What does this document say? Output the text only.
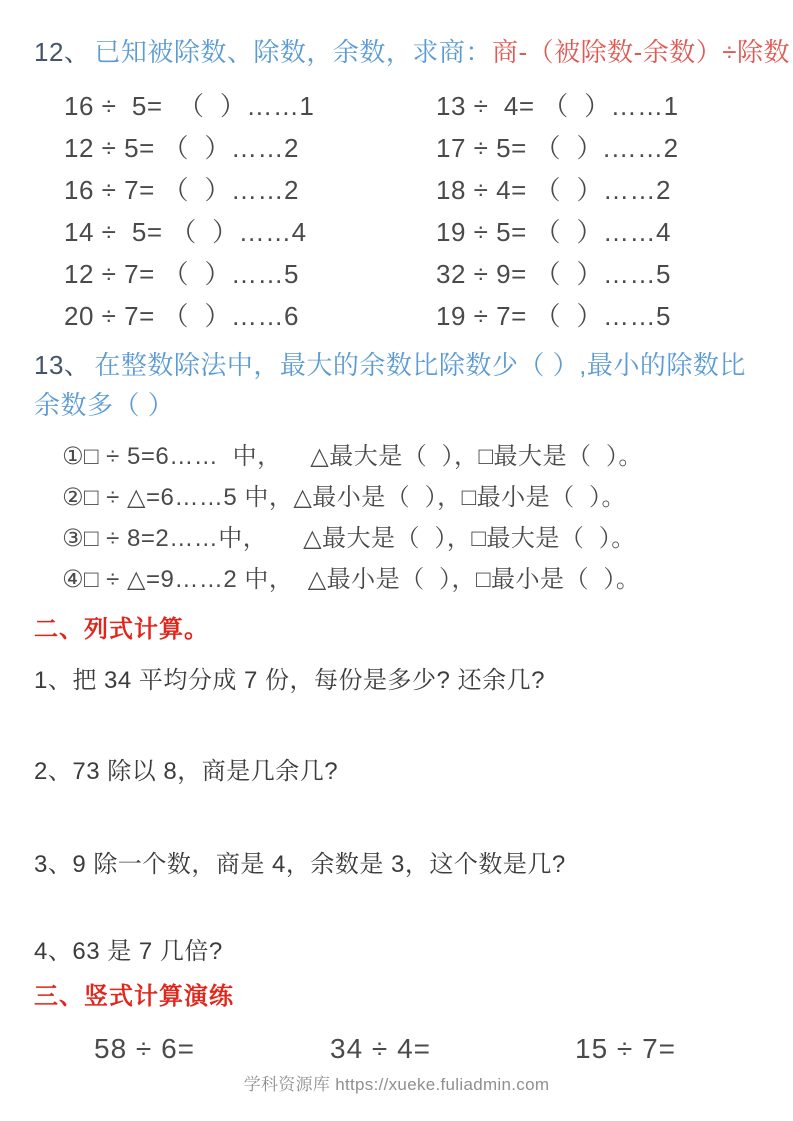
12、 已知被除数、除数，余数，求商：商-（被除数-余数）÷除数
16 ÷  5=  （  ）……1	13 ÷  4= （  ）……1
12 ÷ 5= （  ）……2	17 ÷ 5= （  ）.……2
16 ÷ 7= （  ）……2	18 ÷ 4= （  ）……2
14 ÷  5= （  ）……4	19 ÷ 5= （  ）……4
12 ÷ 7= （  ）……5	32 ÷ 9= （  ）……5
20 ÷ 7= （  ）……6	19 ÷ 7= （  ）……5
13、 在整数除法中，最大的余数比除数少（ ）,最小的除数比余数多（ ）
①□ ÷ 5=6……  中，    △最大是（  ），□最大是（  ）。
②□ ÷ △=6……5 中，△最小是（  ），□最小是（  ）。
③□ ÷ 8=2……中，     △最大是（  ），□最大是（  ）。
④□ ÷ △=9……2 中，  △最小是（  ），□最小是（  ）。
二、列式计算。
1、把 34 平均分成 7 份，每份是多少? 还余几?
2、73 除以 8，商是几余几?
3、9 除一个数，商是 4，余数是 3，这个数是几?
4、63 是 7 几倍?
三、竖式计算演练
58 ÷ 6=	34 ÷ 4=	15 ÷ 7=
学科资源库 https://xueke.fuliadmin.com
